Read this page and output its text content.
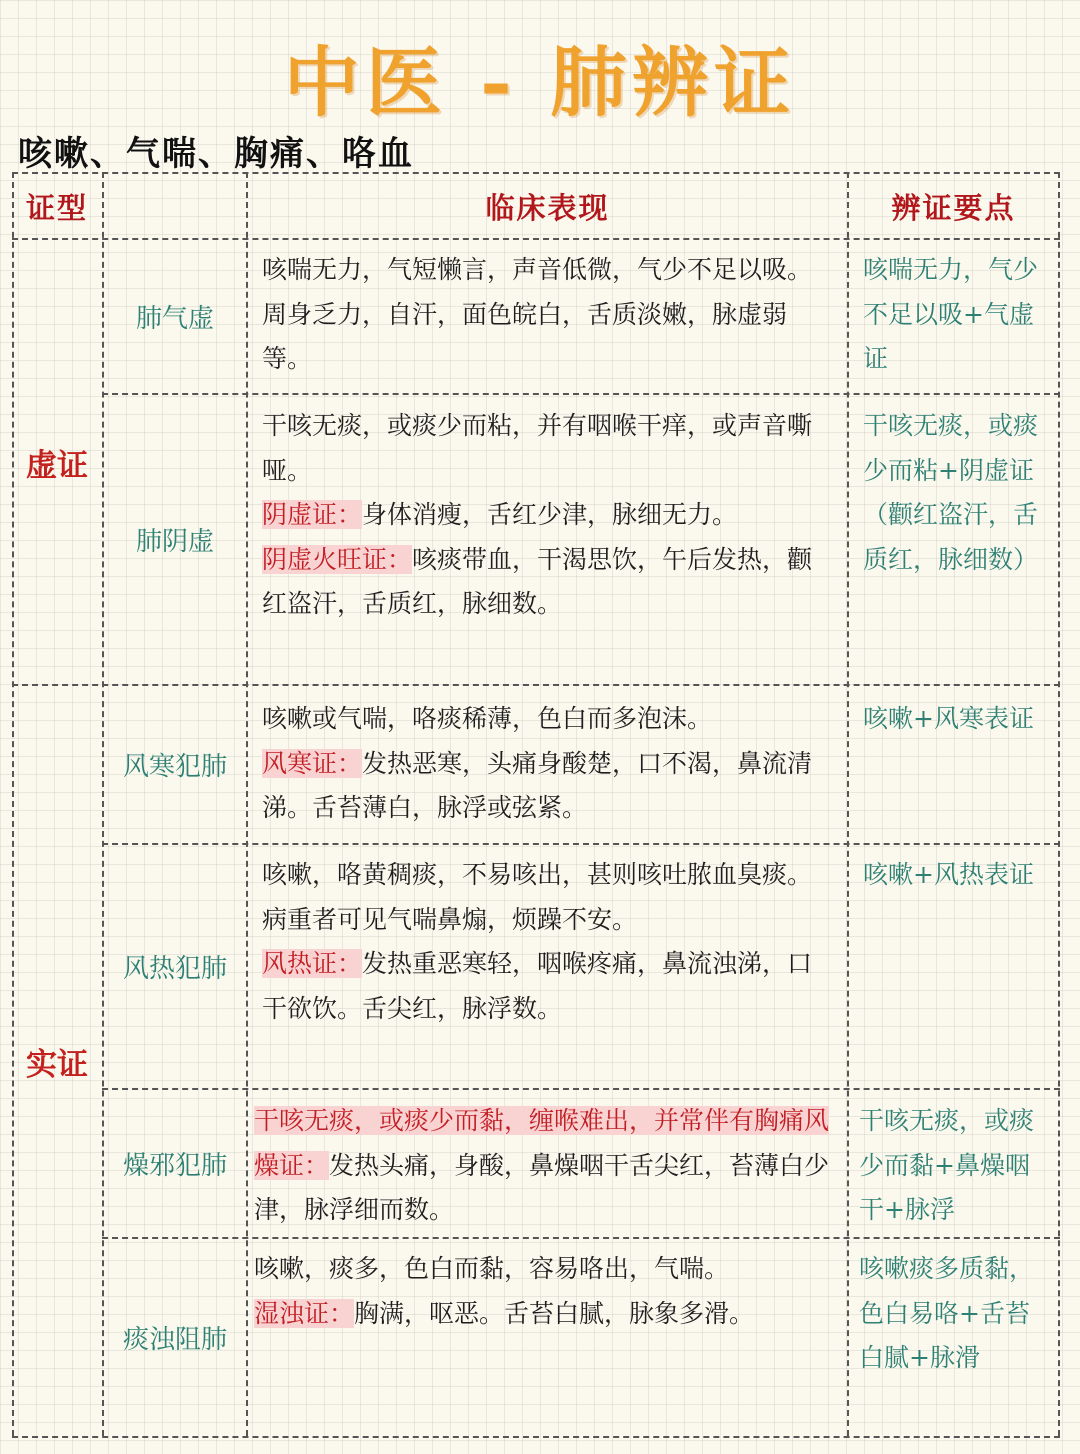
中医 - 肺辨证
咳嗽、气喘、胸痛、咯血
证型	临床表现	辨证要点
虚证
实证
肺气虚
咳喘无力，气短懒言，声音低微，气少不足以吸。周身乏力，自汗，面色皖白，舌质淡嫩，脉虚弱等。
咳喘无力，气少不足以吸+气虚证
肺阴虚
干咳无痰，或痰少而粘，并有咽喉干痒，或声音嘶哑。
阴虚证：身体消瘦，舌红少津，脉细无力。
阴虚火旺证：咳痰带血，干渴思饮，午后发热，颧红盗汗，舌质红，脉细数。
干咳无痰，或痰少而粘+阴虚证（颧红盗汗，舌质红，脉细数）
风寒犯肺
咳嗽或气喘，咯痰稀薄，色白而多泡沫。
风寒证：发热恶寒，头痛身酸楚，口不渴，鼻流清涕。舌苔薄白，脉浮或弦紧。
咳嗽+风寒表证
风热犯肺
咳嗽，咯黄稠痰，不易咳出，甚则咳吐脓血臭痰。病重者可见气喘鼻煽，烦躁不安。
风热证：发热重恶寒轻，咽喉疼痛，鼻流浊涕，口干欲饮。舌尖红，脉浮数。
咳嗽+风热表证
燥邪犯肺
干咳无痰，或痰少而黏，缠喉难出，并常伴有胸痛风燥证：发热头痛，身酸，鼻燥咽干舌尖红，苔薄白少津，脉浮细而数。
干咳无痰，或痰少而黏+鼻燥咽干+脉浮
痰浊阻肺
咳嗽，痰多，色白而黏，容易咯出，气喘。
湿浊证：胸满，呕恶。舌苔白腻，脉象多滑。
咳嗽痰多质黏，色白易咯+舌苔白腻+脉滑
